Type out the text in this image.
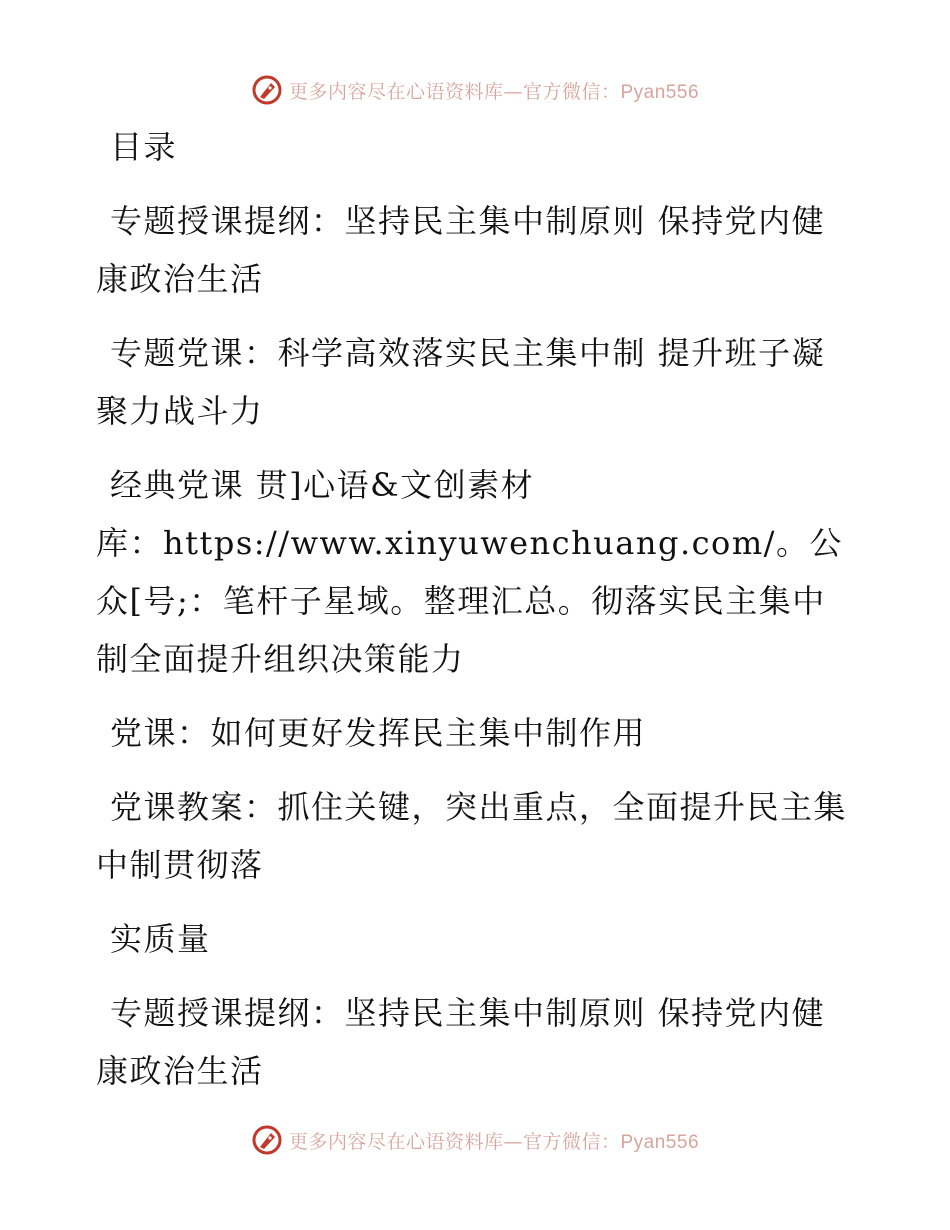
更多内容尽在心语资料库—官方微信：Pyan556
目录
专题授课提纲：坚持民主集中制原则 保持党内健康政治生活
专题党课：科学高效落实民主集中制 提升班子凝聚力战斗力
经典党课 贯]心语&文创素材
库：https://www.xinyuwenchuang.com/。公众[号;：笔杆子星域。整理汇总。彻落实民主集中制全面提升组织决策能力
党课：如何更好发挥民主集中制作用
党课教案：抓住关键，突出重点，全面提升民主集中制贯彻落
实质量
专题授课提纲：坚持民主集中制原则 保持党内健康政治生活
更多内容尽在心语资料库—官方微信：Pyan556
